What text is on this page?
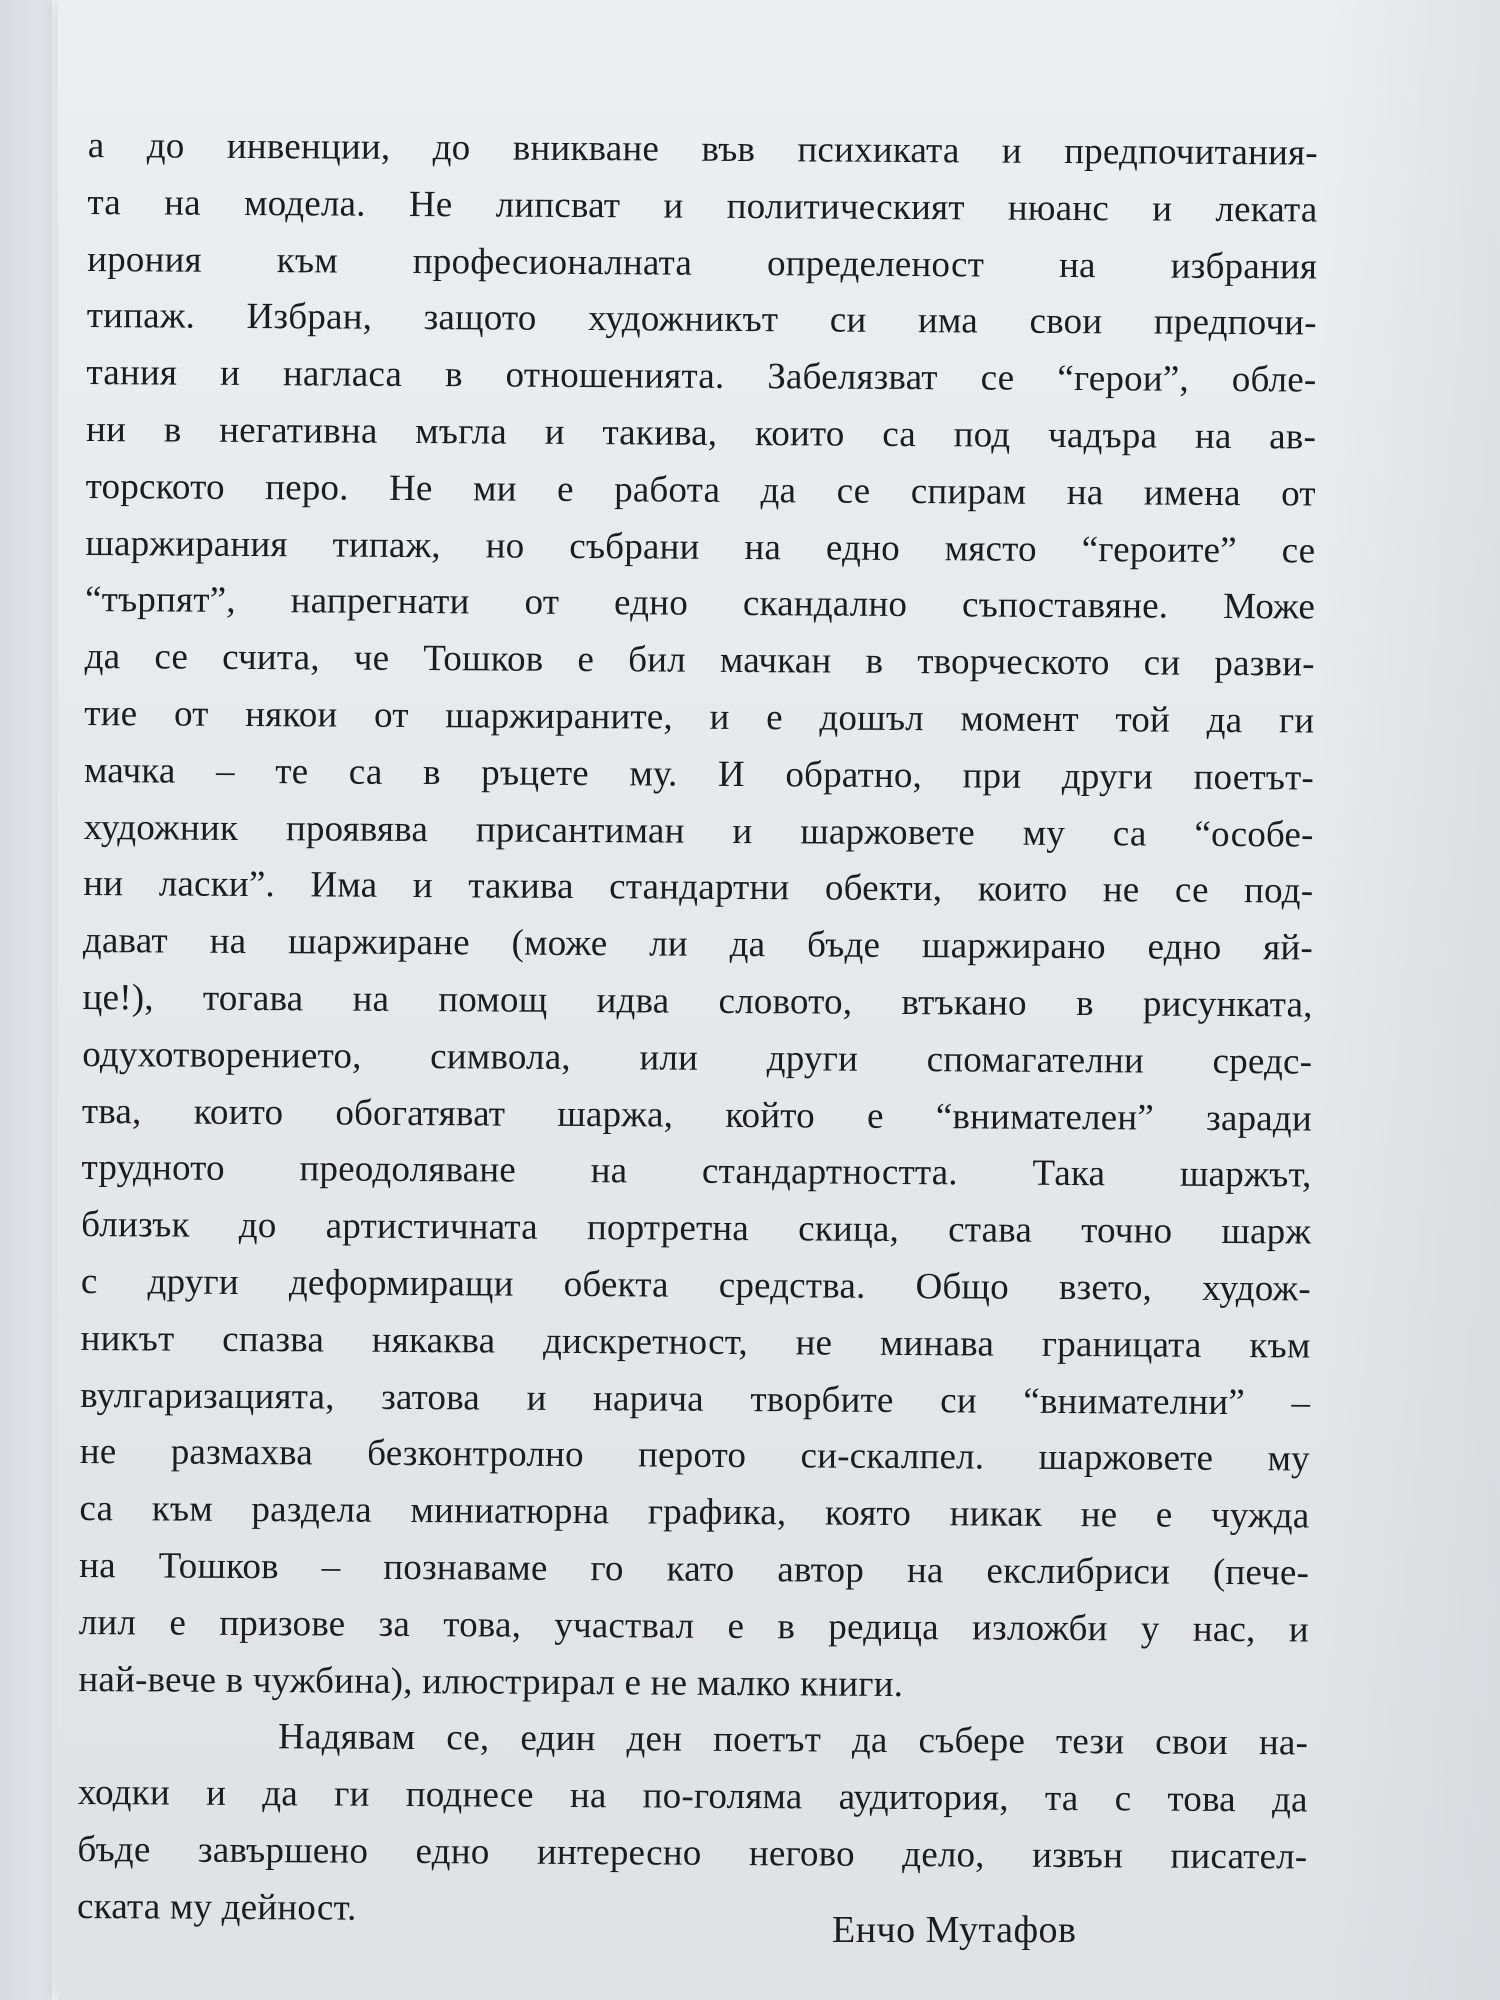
а до инвенции, до вникване във психиката и предпочитания-
та на модела. Не липсват и политическият нюанс и леката
ирония към професионалната определеност на избрания
типаж. Избран, защото художникът си има свои предпочи-
тания и нагласа в отношенията. Забелязват се “герои”, обле-
ни в негативна мъгла и такива, които са под чадъра на ав-
торското перо. Не ми е работа да се спирам на имена от
шаржирания типаж, но събрани на едно място “героите” се
“търпят”, напрегнати от едно скандално съпоставяне. Може
да се счита, че Тошков е бил мачкан в творческото си разви-
тие от някои от шаржираните, и е дошъл момент той да ги
мачка – те са в ръцете му. И обратно, при други поетът-
художник проявява присантиман и шаржовете му са “особе-
ни ласки”. Има и такива стандартни обекти, които не се под-
дават на шаржиране (може ли да бъде шаржирано едно яй-
це!), тогава на помощ идва словото, втъкано в рисунката,
одухотворението, символа, или други спомагателни средс-
тва, които обогатяват шаржа, който е “внимателен” заради
трудното преодоляване на стандартността. Така шаржът,
близък до артистичната портретна скица, става точно шарж
с други деформиращи обекта средства. Общо взето, худож-
никът спазва някаква дискретност, не минава границата към
вулгаризацията, затова и нарича творбите си “внимателни” –
не размахва безконтролно перото си-скалпел. шаржовете му
са към раздела миниатюрна графика, която никак не е чужда
на Тошков – познаваме го като автор на екслибриси (пече-
лил е призове за това, участвал е в редица изложби у нас, и
най-вече в чужбина), илюстрирал е не малко книги.
Надявам се, един ден поетът да събере тези свои на-
ходки и да ги поднесе на по-голяма аудитория, та с това да
бъде завършено едно интересно негово дело, извън писател-
ската му дейност.
Енчо Мутафов
